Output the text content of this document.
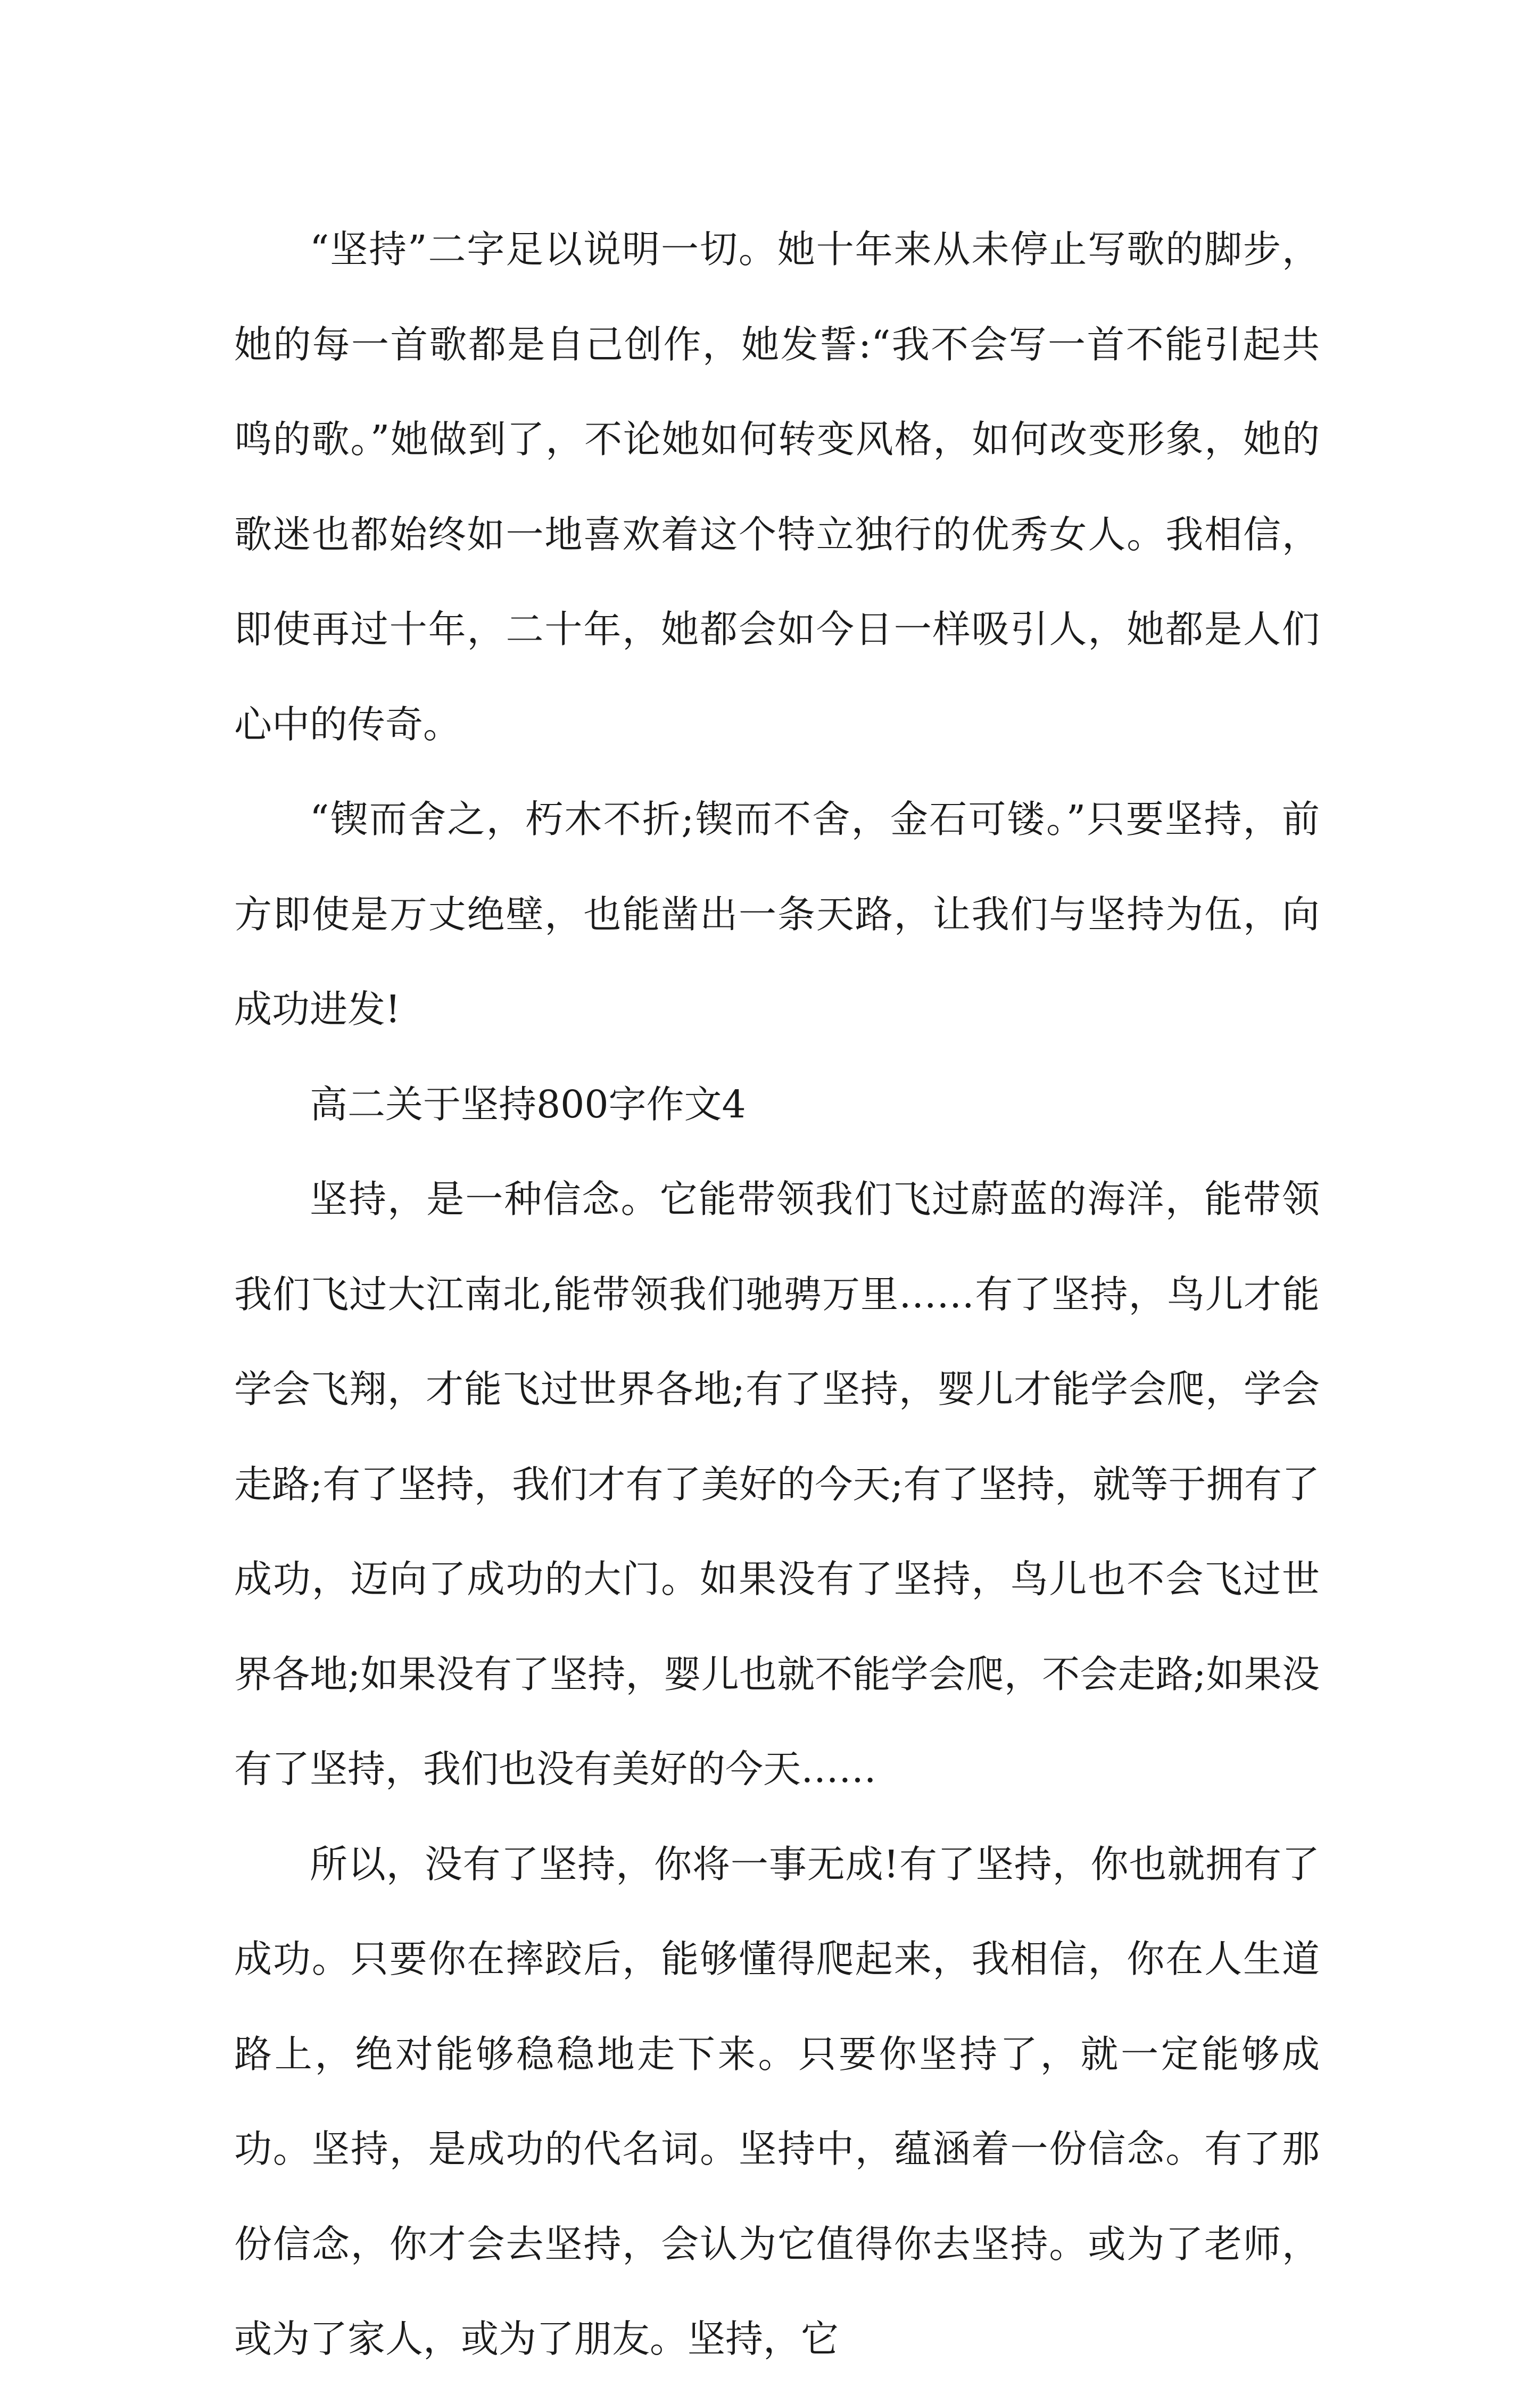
“坚持”二字足以说明一切。她十年来从未停止写歌的脚步，她的每一首歌都是自己创作，她发誓:“我不会写一首不能引起共鸣的歌。”她做到了，不论她如何转变风格，如何改变形象，她的歌迷也都始终如一地喜欢着这个特立独行的优秀女人。我相信，即使再过十年，二十年，她都会如今日一样吸引人，她都是人们心中的传奇。

“锲而舍之，朽木不折;锲而不舍，金石可镂。”只要坚持，前方即使是万丈绝壁，也能凿出一条天路，让我们与坚持为伍，向成功进发!

高二关于坚持800字作文4

坚持，是一种信念。它能带领我们飞过蔚蓝的海洋，能带领我们飞过大江南北,能带领我们驰骋万里……有了坚持，鸟儿才能学会飞翔，才能飞过世界各地;有了坚持，婴儿才能学会爬，学会走路;有了坚持，我们才有了美好的今天;有了坚持，就等于拥有了成功，迈向了成功的大门。如果没有了坚持，鸟儿也不会飞过世界各地;如果没有了坚持，婴儿也就不能学会爬，不会走路;如果没有了坚持，我们也没有美好的今天……

所以，没有了坚持，你将一事无成!有了坚持，你也就拥有了成功。只要你在摔跤后，能够懂得爬起来，我相信，你在人生道路上，绝对能够稳稳地走下来。只要你坚持了，就一定能够成功。坚持，是成功的代名词。坚持中，蕴涵着一份信念。有了那份信念，你才会去坚持，会认为它值得你去坚持。或为了老师，或为了家人，或为了朋友。坚持，它
